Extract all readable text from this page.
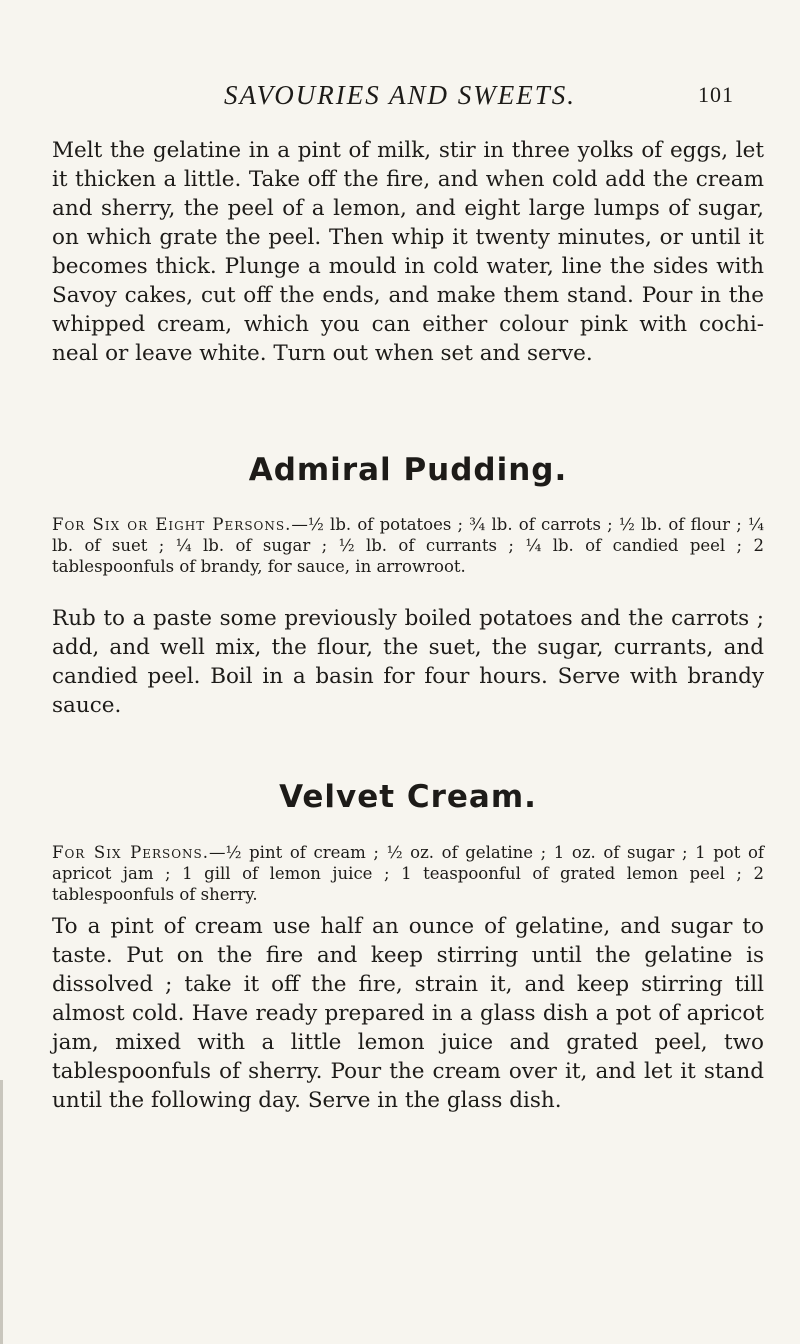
SAVOURIES AND SWEETS.	101

Melt the gelatine in a pint of milk, stir in three yolks of eggs, let it thicken a little. Take off the fire, and when cold add the cream and sherry, the peel of a lemon, and eight large lumps of sugar, on which grate the peel. Then whip it twenty minutes, or until it becomes thick. Plunge a mould in cold water, line the sides with Savoy cakes, cut off the ends, and make them stand. Pour in the whipped cream, which you can either colour pink with cochi-neal or leave white. Turn out when set and serve.

Admiral Pudding.

For Six or Eight Persons.—½ lb. of potatoes ; ¾ lb. of carrots ; ½ lb. of flour ; ¼ lb. of suet ; ¼ lb. of sugar ; ½ lb. of currants ; ¼ lb. of candied peel ; 2 tablespoonfuls of brandy, for sauce, in arrowroot.

Rub to a paste some previously boiled potatoes and the carrots ; add, and well mix, the flour, the suet, the sugar, currants, and candied peel. Boil in a basin for four hours. Serve with brandy sauce.

Velvet Cream.

For Six Persons.—½ pint of cream ; ½ oz. of gelatine ; 1 oz. of sugar ; 1 pot of apricot jam ; 1 gill of lemon juice ; 1 teaspoonful of grated lemon peel ; 2 tablespoonfuls of sherry.

To a pint of cream use half an ounce of gelatine, and sugar to taste. Put on the fire and keep stirring until the gelatine is dissolved ; take it off the fire, strain it, and keep stirring till almost cold. Have ready prepared in a glass dish a pot of apricot jam, mixed with a little lemon juice and grated peel, two tablespoonfuls of sherry. Pour the cream over it, and let it stand until the following day. Serve in the glass dish.
